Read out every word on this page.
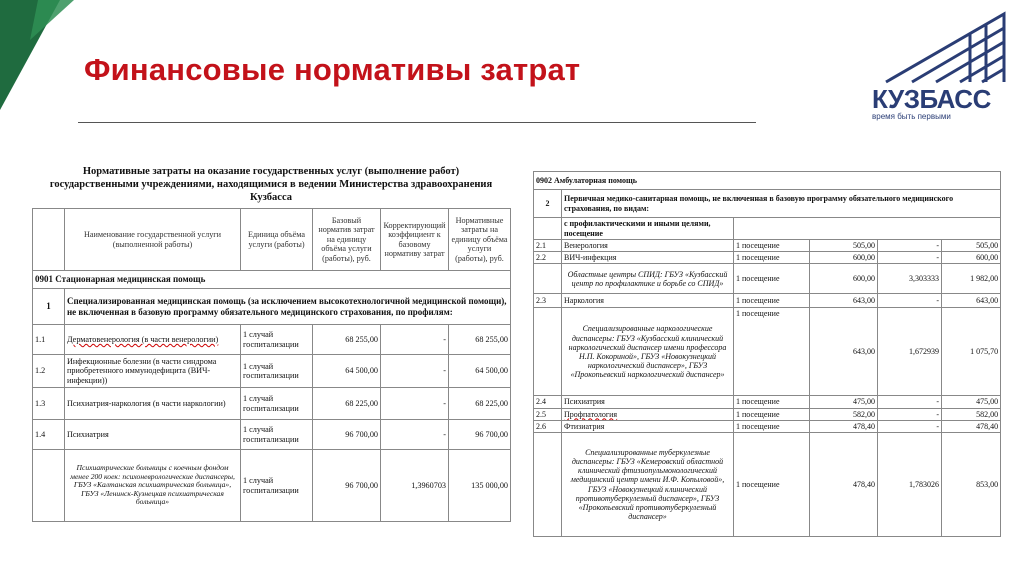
Финансовые нормативы затрат
КУЗБАСС
время быть первыми
Нормативные затраты на оказание государственных услуг (выполнение работ) государственными учреждениями, находящимися в ведении Министерства здравоохранения Кузбасса
	Наименование государственной услуги (выполненной работы)	Единица объёма услуги (работы)	Базовый норматив затрат на единицу объёма услуги (работы), руб.	Корректирующий коэффициент к базовому нормативу затрат	Нормативные затраты на единицу объёма услуги (работы), руб.
0901 Стационарная медицинская помощь					
1	Специализированная медицинская помощь (за исключением высокотехнологичной медицинской помощи), не включенная в базовую программу обязательного медицинского страхования, по профилям:				
1.1	Дерматовенерология (в части венерологии)	1 случай госпитализации	68 255,00	-	68 255,00
1.2	Инфекционные болезни (в части синдрома приобретенного иммунодефицита (ВИЧ-инфекции))	1 случай госпитализации	64 500,00	-	64 500,00
1.3	Психиатрия-наркология (в части наркологии)	1 случай госпитализации	68 225,00	-	68 225,00
1.4	Психиатрия	1 случай госпитализации	96 700,00	-	96 700,00
	Психиатрические больницы с коечным фондом менее 200 коек: психоневрологические диспансеры, ГБУЗ «Калтанская психиатрическая больница», ГБУЗ «Ленинск-Кузнецкая психиатрическая больница»	1 случай госпитализации	96 700,00	1,3960703	135 000,00
0902 Амбулаторная помощь					
2	Первичная медико-санитарная помощь, не включенная в базовую программу обязательного медицинского страхования, по видам:				
	с профилактическими и иными целями, посещение				
2.1	Венерология	1 посещение	505,00	-	505,00
2.2	ВИЧ-инфекция	1 посещение	600,00	-	600,00
	Областные центры СПИД: ГБУЗ «Кузбасский центр по профилактике и борьбе со СПИД»	1 посещение	600,00	3,303333	1 982,00
2.3	Наркология	1 посещение	643,00	-	643,00
	Специализированные наркологические диспансеры: ГБУЗ «Кузбасский клинический наркологический диспансер имени профессора Н.П. Кокориной», ГБУЗ «Новокузнецкий наркологический диспансер», ГБУЗ «Прокопьевский наркологический диспансер»	1 посещение	643,00	1,672939	1 075,70
2.4	Психиатрия	1 посещение	475,00	-	475,00
2.5	Профпатология	1 посещение	582,00	-	582,00
2.6	Фтизиатрия	1 посещение	478,40	-	478,40
	Специализированные туберкулезные диспансеры: ГБУЗ «Кемеровский областной клинический фтизиопульмонологический медицинский центр имени И.Ф. Копыловой», ГБУЗ «Новокузнецкий клинический противотуберкулезный диспансер», ГБУЗ «Прокопьевский противотуберкулезный диспансер»	1 посещение	478,40	1,783026	853,00
